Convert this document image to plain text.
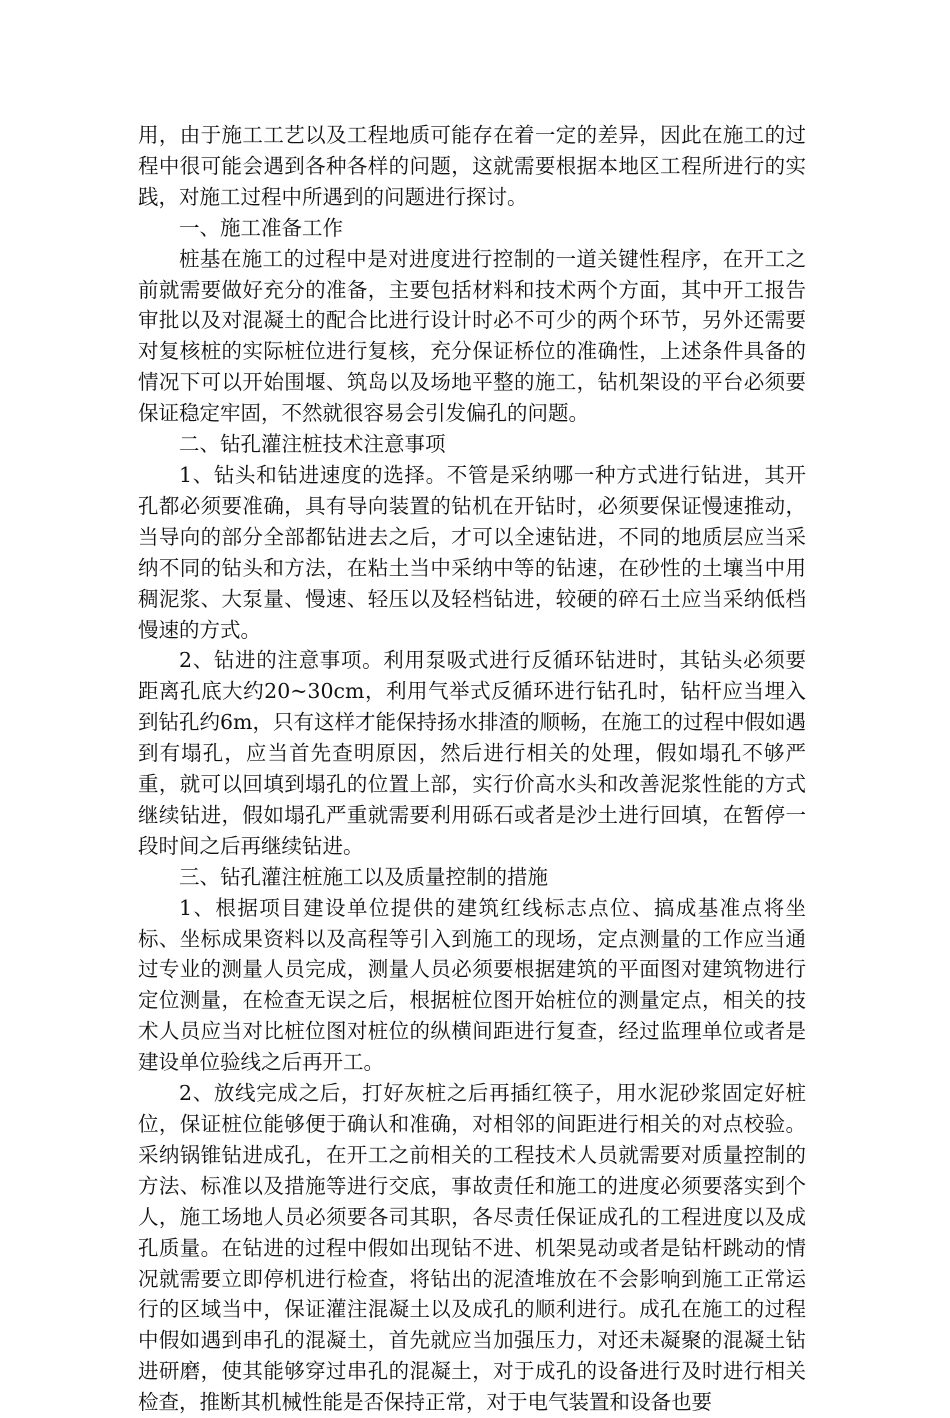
用，由于施工工艺以及工程地质可能存在着一定的差异，因此在施工的过程中很可能会遇到各种各样的问题，这就需要根据本地区工程所进行的实践，对施工过程中所遇到的问题进行探讨。

一、施工准备工作

桩基在施工的过程中是对进度进行控制的一道关键性程序，在开工之前就需要做好充分的准备，主要包括材料和技术两个方面，其中开工报告审批以及对混凝土的配合比进行设计时必不可少的两个环节，另外还需要对复核桩的实际桩位进行复核，充分保证桥位的准确性，上述条件具备的情况下可以开始围堰、筑岛以及场地平整的施工，钻机架设的平台必须要保证稳定牢固，不然就很容易会引发偏孔的问题。

二、钻孔灌注桩技术注意事项

1、钻头和钻进速度的选择。不管是采纳哪一种方式进行钻进，其开孔都必须要准确，具有导向装置的钻机在开钻时，必须要保证慢速推动，当导向的部分全部都钻进去之后，才可以全速钻进，不同的地质层应当采纳不同的钻头和方法，在粘土当中采纳中等的钻速，在砂性的土壤当中用稠泥浆、大泵量、慢速、轻压以及轻档钻进，较硬的碎石土应当采纳低档慢速的方式。

2、钻进的注意事项。利用泵吸式进行反循环钻进时，其钻头必须要距离孔底大约20~30cm，利用气举式反循环进行钻孔时，钻杆应当埋入到钻孔约6m，只有这样才能保持扬水排渣的顺畅，在施工的过程中假如遇到有塌孔，应当首先查明原因，然后进行相关的处理，假如塌孔不够严重，就可以回填到塌孔的位置上部，实行价高水头和改善泥浆性能的方式继续钻进，假如塌孔严重就需要利用砾石或者是沙土进行回填，在暂停一段时间之后再继续钻进。

三、钻孔灌注桩施工以及质量控制的措施

1、根据项目建设单位提供的建筑红线标志点位、搞成基准点将坐标、坐标成果资料以及高程等引入到施工的现场，定点测量的工作应当通过专业的测量人员完成，测量人员必须要根据建筑的平面图对建筑物进行定位测量，在检查无误之后，根据桩位图开始桩位的测量定点，相关的技术人员应当对比桩位图对桩位的纵横间距进行复查，经过监理单位或者是建设单位验线之后再开工。

2、放线完成之后，打好灰桩之后再插红筷子，用水泥砂浆固定好桩位，保证桩位能够便于确认和准确，对相邻的间距进行相关的对点校验。采纳锅锥钻进成孔，在开工之前相关的工程技术人员就需要对质量控制的方法、标准以及措施等进行交底，事故责任和施工的进度必须要落实到个人，施工场地人员必须要各司其职，各尽责任保证成孔的工程进度以及成孔质量。在钻进的过程中假如出现钻不进、机架晃动或者是钻杆跳动的情况就需要立即停机进行检查，将钻出的泥渣堆放在不会影响到施工正常运行的区域当中，保证灌注混凝土以及成孔的顺利进行。成孔在施工的过程中假如遇到串孔的混凝土，首先就应当加强压力，对还未凝聚的混凝土钻进研磨，使其能够穿过串孔的混凝土，对于成孔的设备进行及时进行相关检查，推断其机械性能是否保持正常，对于电气装置和设备也要
